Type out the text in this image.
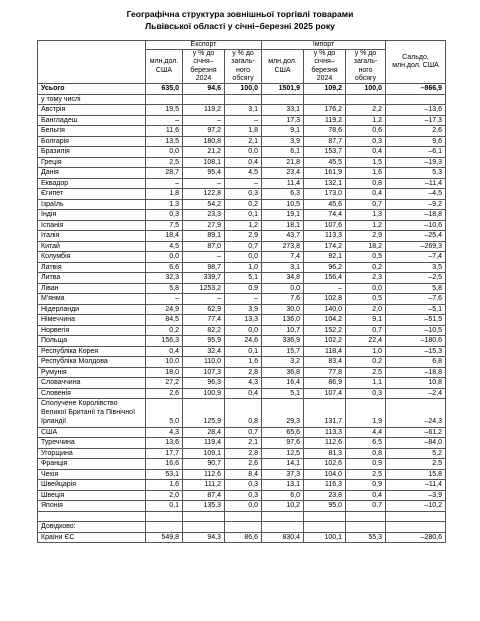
Географічна структура зовнішньої торгівлі товарами
Львівської області у січні–березні 2025 року
	Експорт			Імпорт			Сальдо, млн.дол. США
	млн.дол. США	у % до січня–березня 2024	у % до загаль-ного обсягу	млн.дол. США	у % до січня–березня 2024	у % до загаль-ного обсягу	
Усього	635,0	94,6	100,0	1501,9	109,2	100,0	–866,9
у тому числі							
Австрія	19,5	119,2	3,1	33,1	176,2	2,2	–13,6
Бангладеш	–	–	–	17,3	119,2	1,2	–17,3
Бельгія	11,6	97,2	1,8	9,1	78,6	0,6	2,6
Болгарія	13,5	180,8	2,1	3,9	87,7	0,3	9,6
Бразилія	0,0	21,2	0,0	6,1	153,7	0,4	–6,1
Греція	2,5	108,1	0,4	21,8	45,5	1,5	–19,3
Данія	28,7	95,4	4,5	23,4	161,9	1,6	5,3
Еквадор	–	–	–	11,4	132,1	0,8	–11,4
Єгипет	1,8	122,8	0,3	6,3	173,0	0,4	–4,5
Ізраїль	1,3	54,2	0,2	10,5	45,6	0,7	–9,2
Індія	0,3	23,3	0,1	19,1	74,4	1,3	–18,8
Іспанія	7,5	27,9	1,2	18,1	107,6	1,2	–10,6
Італія	18,4	89,1	2,9	43,7	113,3	2,9	–25,4
Китай	4,5	87,0	0,7	273,8	174,2	18,2	–269,3
Колумбія	0,0	–	0,0	7,4	92,1	0,5	–7,4
Латвія	6,6	98,7	1,0	3,1	96,2	0,2	3,5
Литва	32,3	339,7	5,1	34,8	156,4	2,3	–2,5
Ліван	5,8	1253,2	0,9	0,0	–	0,0	5,8
М'янма	–	–	–	7,6	102,8	0,5	–7,6
Нідерланди	24,9	62,9	3,9	30,0	140,0	2,0	–5,1
Німеччина	84,5	77,4	13,3	136,0	104,2	9,1	–51,5
Норвегія	0,2	82,2	0,0	10,7	152,2	0,7	–10,5
Польща	156,3	95,9	24,6	336,9	102,2	22,4	–180,6
Республіка Корея	0,4	32,4	0,1	15,7	118,4	1,0	–15,3
Республіка Молдова	10,0	110,0	1,6	3,2	83,4	0,2	6,8
Румунія	18,0	107,3	2,8	36,8	77,8	2,5	–18,8
Словаччина	27,2	96,3	4,3	16,4	86,9	1,1	10,8
Словенія	2,6	100,9	0,4	5,1	107,4	0,3	–2,4
Сполучене Королівство Великої Британії та Північної Ірландії	5,0	125,9	0,8	29,3	131,7	1,9	–24,3
США	4,3	28,4	0,7	65,6	113,3	4,4	–61,2
Туреччина	13,6	119,4	2,1	97,6	112,6	6,5	–84,0
Угорщина	17,7	109,1	2,8	12,5	81,3	0,8	5,2
Франція	16,6	90,7	2,6	14,1	102,6	0,9	2,5
Чехія	53,1	112,6	8,4	37,3	104,0	2,5	15,8
Швейцарія	1,6	111,2	0,3	13,1	116,3	0,9	–11,4
Швеція	2,0	87,4	0,3	6,0	23,8	0,4	–3,9
Японія	0,1	135,3	0,0	10,2	95,0	0,7	–10,2

Довідково:							
Країни ЄС	549,8	94,3	86,6	830,4	100,1	55,3	–280,6
